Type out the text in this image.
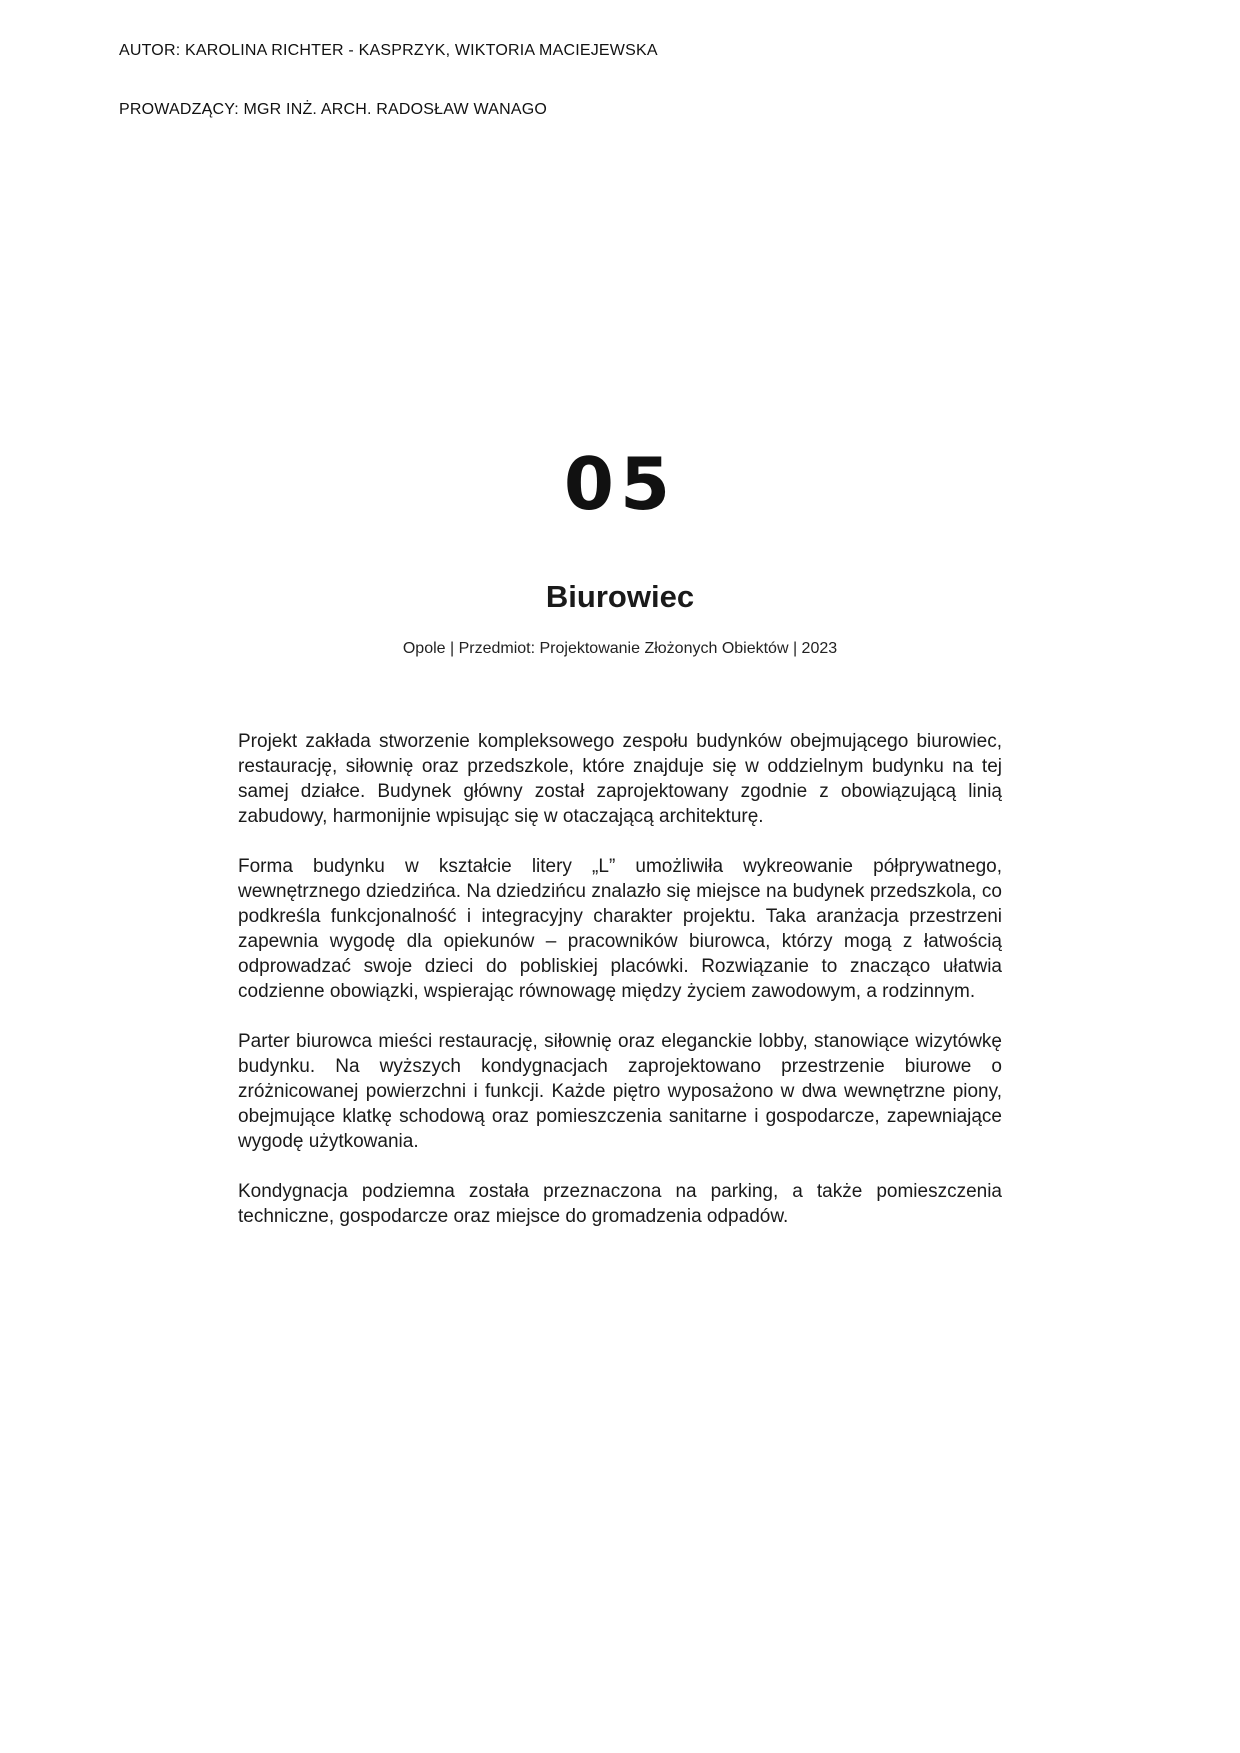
AUTOR: KAROLINA RICHTER - KASPRZYK, WIKTORIA MACIEJEWSKA
PROWADZĄCY: MGR INŻ. ARCH. RADOSŁAW WANAGO
05
Biurowiec
Opole | Przedmiot: Projektowanie Złożonych Obiektów | 2023

Projekt zakłada stworzenie kompleksowego zespołu budynków obejmującego biurowiec, restaurację, siłownię oraz przedszkole, które znajduje się w oddzielnym budynku na tej samej działce. Budynek główny został zaprojektowany zgodnie z obowiązującą linią zabudowy, harmonijnie wpisując się w otaczającą architekturę.

Forma budynku w kształcie litery „L” umożliwiła wykreowanie półprywatnego, wewnętrznego dziedzińca. Na dziedzińcu znalazło się miejsce na budynek przedszkola, co podkreśla funkcjonalność i integracyjny charakter projektu. Taka aranżacja przestrzeni zapewnia wygodę dla opiekunów – pracowników biurowca, którzy mogą z łatwością odprowadzać swoje dzieci do pobliskiej placówki. Rozwiązanie to znacząco ułatwia codzienne obowiązki, wspierając równowagę między życiem zawodowym, a rodzinnym.

Parter biurowca mieści restaurację, siłownię oraz eleganckie lobby, stanowiące wizytówkę budynku. Na wyższych kondygnacjach zaprojektowano przestrzenie biurowe o zróżnicowanej powierzchni i funkcji. Każde piętro wyposażono w dwa wewnętrzne piony, obejmujące klatkę schodową oraz pomieszczenia sanitarne i gospodarcze, zapewniające wygodę użytkowania.

Kondygnacja podziemna została przeznaczona na parking, a także pomieszczenia techniczne, gospodarcze oraz miejsce do gromadzenia odpadów.
